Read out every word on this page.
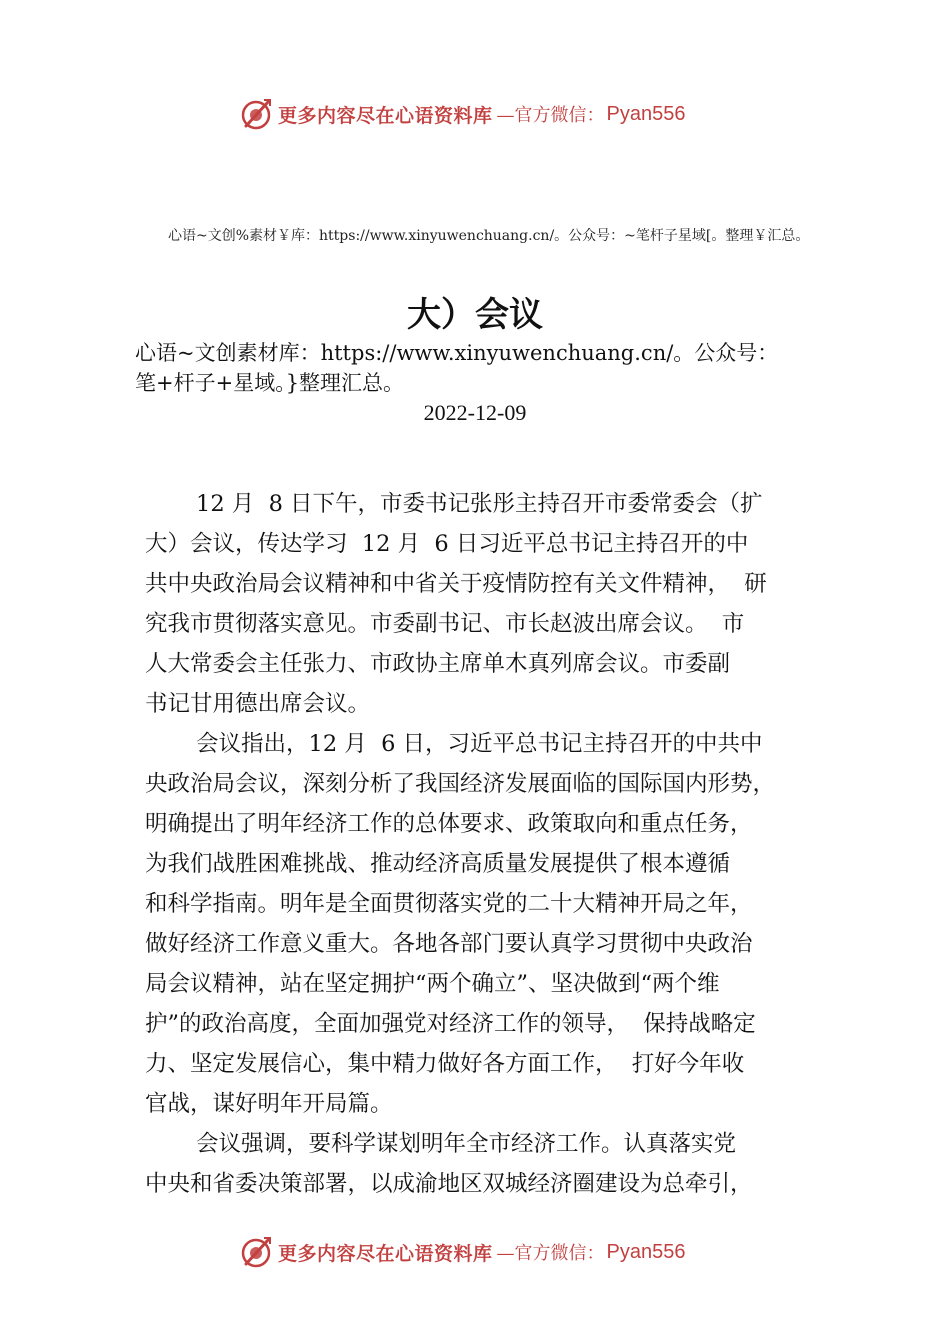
更多内容尽在心语资料库 —官方微信： Pyan556
心语~文创%素材￥库：https://www.xinyuwenchuang.cn/。公众号：~笔杆子星域[。整理￥汇总。
大）会议
心语~文创素材库：https://www.xinyuwenchuang.cn/。公众号：
笔+杆子+星域。}整理汇总。
2022-12-09
12 月  8 日下午，市委书记张彤主持召开市委常委会（扩
大）会议，传达学习  12 月  6 日习近平总书记主持召开的中
共中央政治局会议精神和中省关于疫情防控有关文件精神，  研
究我市贯彻落实意见。市委副书记、市长赵波出席会议。  市
人大常委会主任张力、市政协主席单木真列席会议。市委副
书记甘用德出席会议。
会议指出，12 月  6 日，习近平总书记主持召开的中共中
央政治局会议，深刻分析了我国经济发展面临的国际国内形势，
明确提出了明年经济工作的总体要求、政策取向和重点任务，
为我们战胜困难挑战、推动经济高质量发展提供了根本遵循
和科学指南。明年是全面贯彻落实党的二十大精神开局之年，
做好经济工作意义重大。各地各部门要认真学习贯彻中央政治
局会议精神，站在坚定拥护“两个确立”、坚决做到“两个维
护”的政治高度，全面加强党对经济工作的领导，  保持战略定
力、坚定发展信心，集中精力做好各方面工作，  打好今年收
官战，谋好明年开局篇。
会议强调，要科学谋划明年全市经济工作。认真落实党
中央和省委决策部署，以成渝地区双城经济圈建设为总牵引，
更多内容尽在心语资料库 —官方微信： Pyan556
